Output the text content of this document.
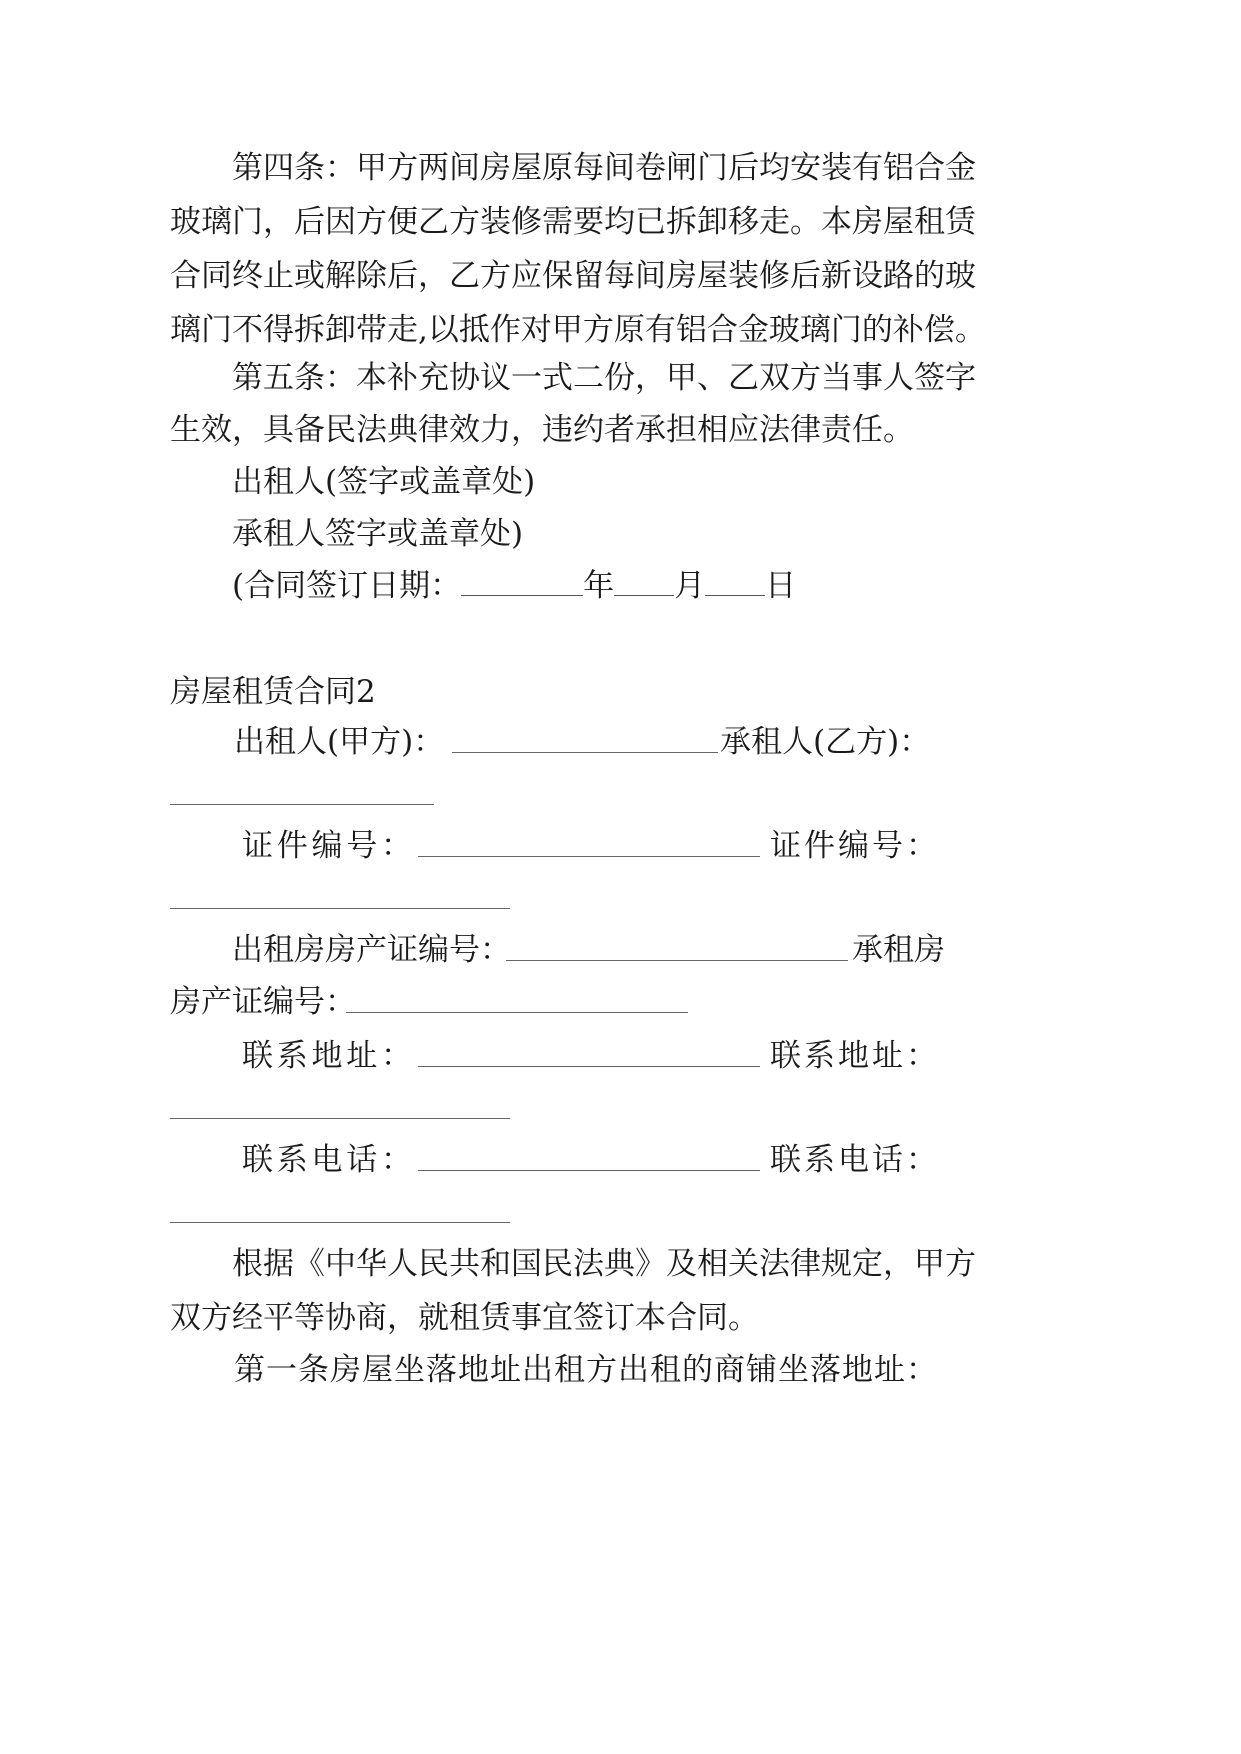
第四条：甲方两间房屋原每间卷闸门后均安装有铝合金
玻璃门，后因方便乙方装修需要均已拆卸移走。本房屋租赁
合同终止或解除后，乙方应保留每间房屋装修后新设路的玻
璃门不得拆卸带走,以抵作对甲方原有铝合金玻璃门的补偿。
第五条：本补充协议一式二份，甲、乙双方当事人签字
生效，具备民法典律效力，违约者承担相应法律责任。
出租人(签字或盖章处)
承租人签字或盖章处)
(合同签订日期：	年 月 日
房屋租赁合同2
出租人(甲方)：	承租人(乙方)：
证件编号：	证件编号：
出租房房产证编号：	承租房
房产证编号：
联系地址：	联系地址：
联系电话：	联系电话：
根据《中华人民共和国民法典》及相关法律规定，甲方
双方经平等协商，就租赁事宜签订本合同。
第一条房屋坐落地址出租方出租的商铺坐落地址：
